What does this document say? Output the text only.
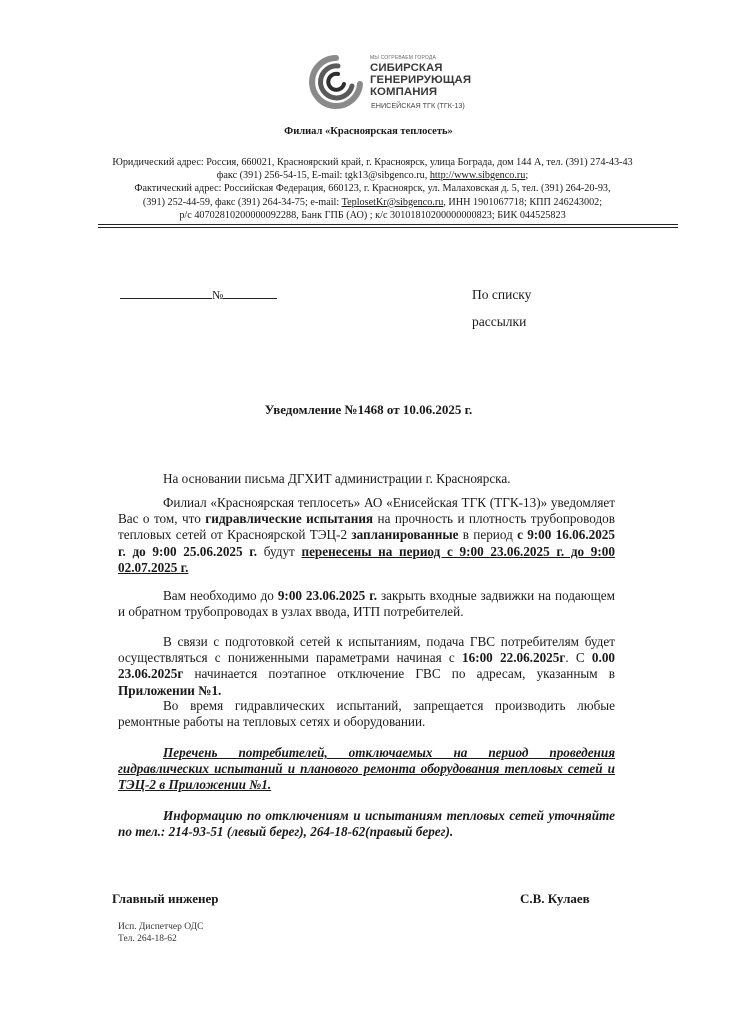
МЫ СОГРЕВАЕМ ГОРОДА
СИБИРСКАЯ
ГЕНЕРИРУЮЩАЯ
КОМПАНИЯ
ЕНИСЕЙСКАЯ ТГК (ТГК-13)
Филиал «Красноярская теплосеть»
Юридический адрес: Россия, 660021, Красноярский край, г. Красноярск, улица Бограда, дом 144 А, тел. (391) 274-43-43
факс (391) 256-54-15, E-mail: tgk13@sibgenco.ru, http://www.sibgenco.ru;
Фактический адрес: Российская Федерация, 660123, г. Красноярск, ул. Малаховская д. 5, тел. (391) 264-20-93,
(391) 252-44-59, факс (391) 264-34-75; e-mail: TeplosetKr@sibgenco.ru, ИНН 1901067718; КПП 246243002;
р/с 40702810200000092288, Банк ГПБ (АО) ; к/с 30101810200000000823; БИК 044525823
№	По списку
рассылки
Уведомление №1468 от 10.06.2025 г.
На основании письма ДГХИТ администрации г. Красноярска.
Филиал «Красноярская теплосеть» АО «Енисейская ТГК (ТГК-13)» уведомляет Вас о том, что гидравлические испытания на прочность и плотность трубопроводов тепловых сетей от Красноярской ТЭЦ-2 запланированные в период с 9:00 16.06.2025 г. до 9:00 25.06.2025 г. будут перенесены на период с 9:00 23.06.2025 г. до 9:00 02.07.2025 г.
Вам необходимо до 9:00 23.06.2025 г. закрыть входные задвижки на подающем и обратном трубопроводах в узлах ввода, ИТП потребителей.
В связи с подготовкой сетей к испытаниям, подача ГВС потребителям будет осуществляться с пониженными параметрами начиная с 16:00 22.06.2025г. С 0.00 23.06.2025г начинается поэтапное отключение ГВС по адресам, указанным в Приложении №1.
Во время гидравлических испытаний, запрещается производить любые ремонтные работы на тепловых сетях и оборудовании.
Перечень потребителей, отключаемых на период проведения гидравлических испытаний и планового ремонта оборудования тепловых сетей и ТЭЦ-2 в Приложении №1.
Информацию по отключениям и испытаниям тепловых сетей уточняйте по тел.: 214-93-51 (левый берег), 264-18-62(правый берег).
Главный инженер	С.В. Кулаев
Исп. Диспетчер ОДС
Тел. 264-18-62
